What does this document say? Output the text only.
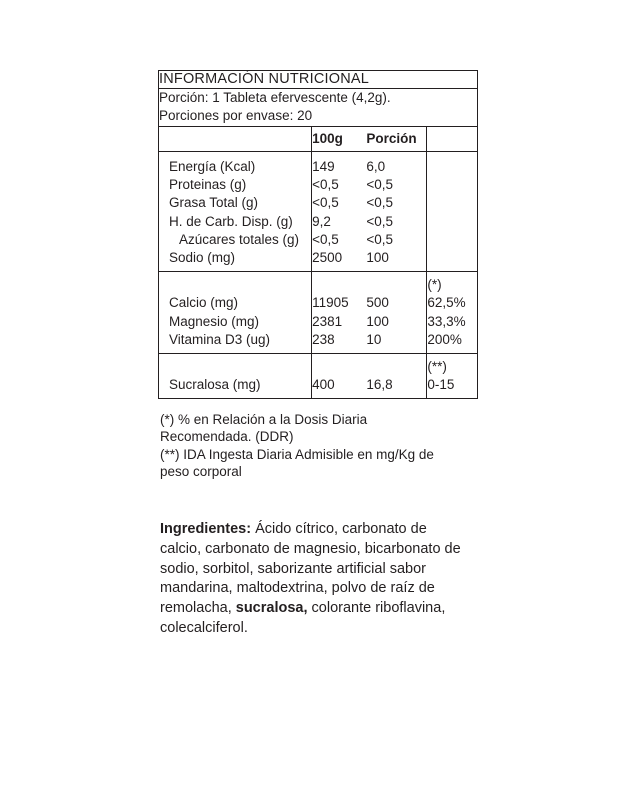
INFORMACIÓN NUTRICIONAL			

Porción: 1 Tableta efervescente (4,2g).
Porciones por envase: 20			

	100g	Porción	

Energía (Kcal)	149	6,0	
Proteinas (g)	<0,5	<0,5	
Grasa Total (g)	<0,5	<0,5	
H. de Carb. Disp. (g)	9,2	<0,5	
Azúcares totales (g)	<0,5	<0,5	
Sodio (mg)	2500	100	
			(*)
Calcio (mg)	11905	500	62,5%
Magnesio (mg)	2381	100	33,3%
Vitamina D3 (ug)	238	10	200%
			(**)
Sucralosa (mg)	400	16,8	0-15
(*) % en Relación a la Dosis Diaria
Recomendada. (DDR)
(**) IDA Ingesta Diaria Admisible en mg/Kg de
peso corporal
Ingredientes: Ácido cítrico, carbonato de calcio, carbonato de magnesio, bicarbonato de sodio, sorbitol, saborizante artificial sabor mandarina, maltodextrina, polvo de raíz de remolacha, sucralosa, colorante riboflavina, colecalciferol.
